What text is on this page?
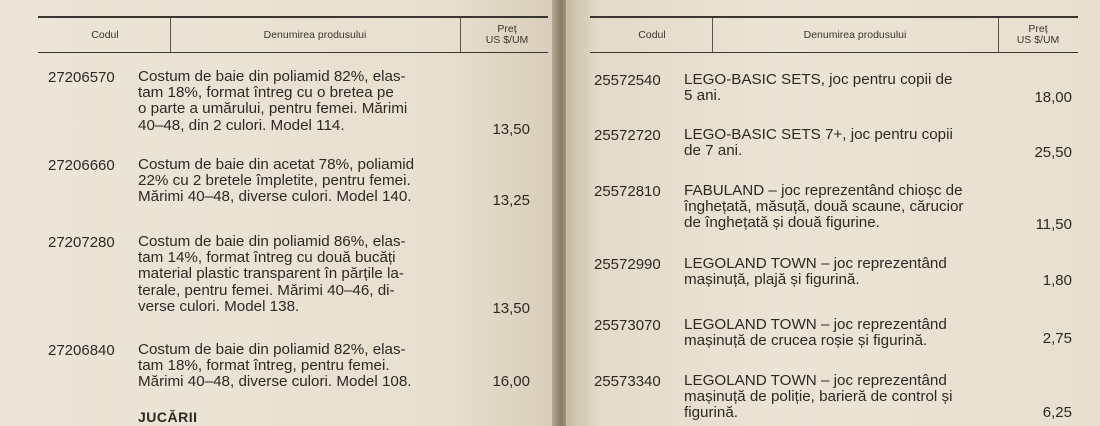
Codul	Denumirea produsului	Preț
US $/UM
27206570 Costum de baie din poliamid 82%, elas-
tam 18%, format întreg cu o bretea pe
o parte a umărului, pentru femei. Mărimi
40–48, din 2 culori. Model 114.	13,50
27206660 Costum de baie din acetat 78%, poliamid
22% cu 2 bretele împletite, pentru femei.
Mărimi 40–48, diverse culori. Model 140.	13,25
27207280 Costum de baie din poliamid 86%, elas-
tam 14%, format întreg cu două bucăți
material plastic transparent în părțile la-
terale, pentru femei. Mărimi 40–46, di-
verse culori. Model 138.	13,50
27206840 Costum de baie din poliamid 82%, elas-
tam 18%, format întreg, pentru femei.
Mărimi 40–48, diverse culori. Model 108.	16,00
JUCĂRII
Codul	Denumirea produsului	Preț
US $/UM
25572540 LEGO-BASIC SETS, joc pentru copii de
5 ani.	18,00
25572720 LEGO-BASIC SETS 7+, joc pentru copii
de 7 ani.	25,50
25572810 FABULAND – joc reprezentând chioșc de
înghețată, măsuță, două scaune, cărucior
de înghețată și două figurine.	11,50
25572990 LEGOLAND TOWN – joc reprezentând
mașinuță, plajă și figurină.	1,80
25573070 LEGOLAND TOWN – joc reprezentând
mașinuță de crucea roșie și figurină.	2,75
25573340 LEGOLAND TOWN – joc reprezentând
mașinuță de poliție, barieră de control și
figurină.	6,25
